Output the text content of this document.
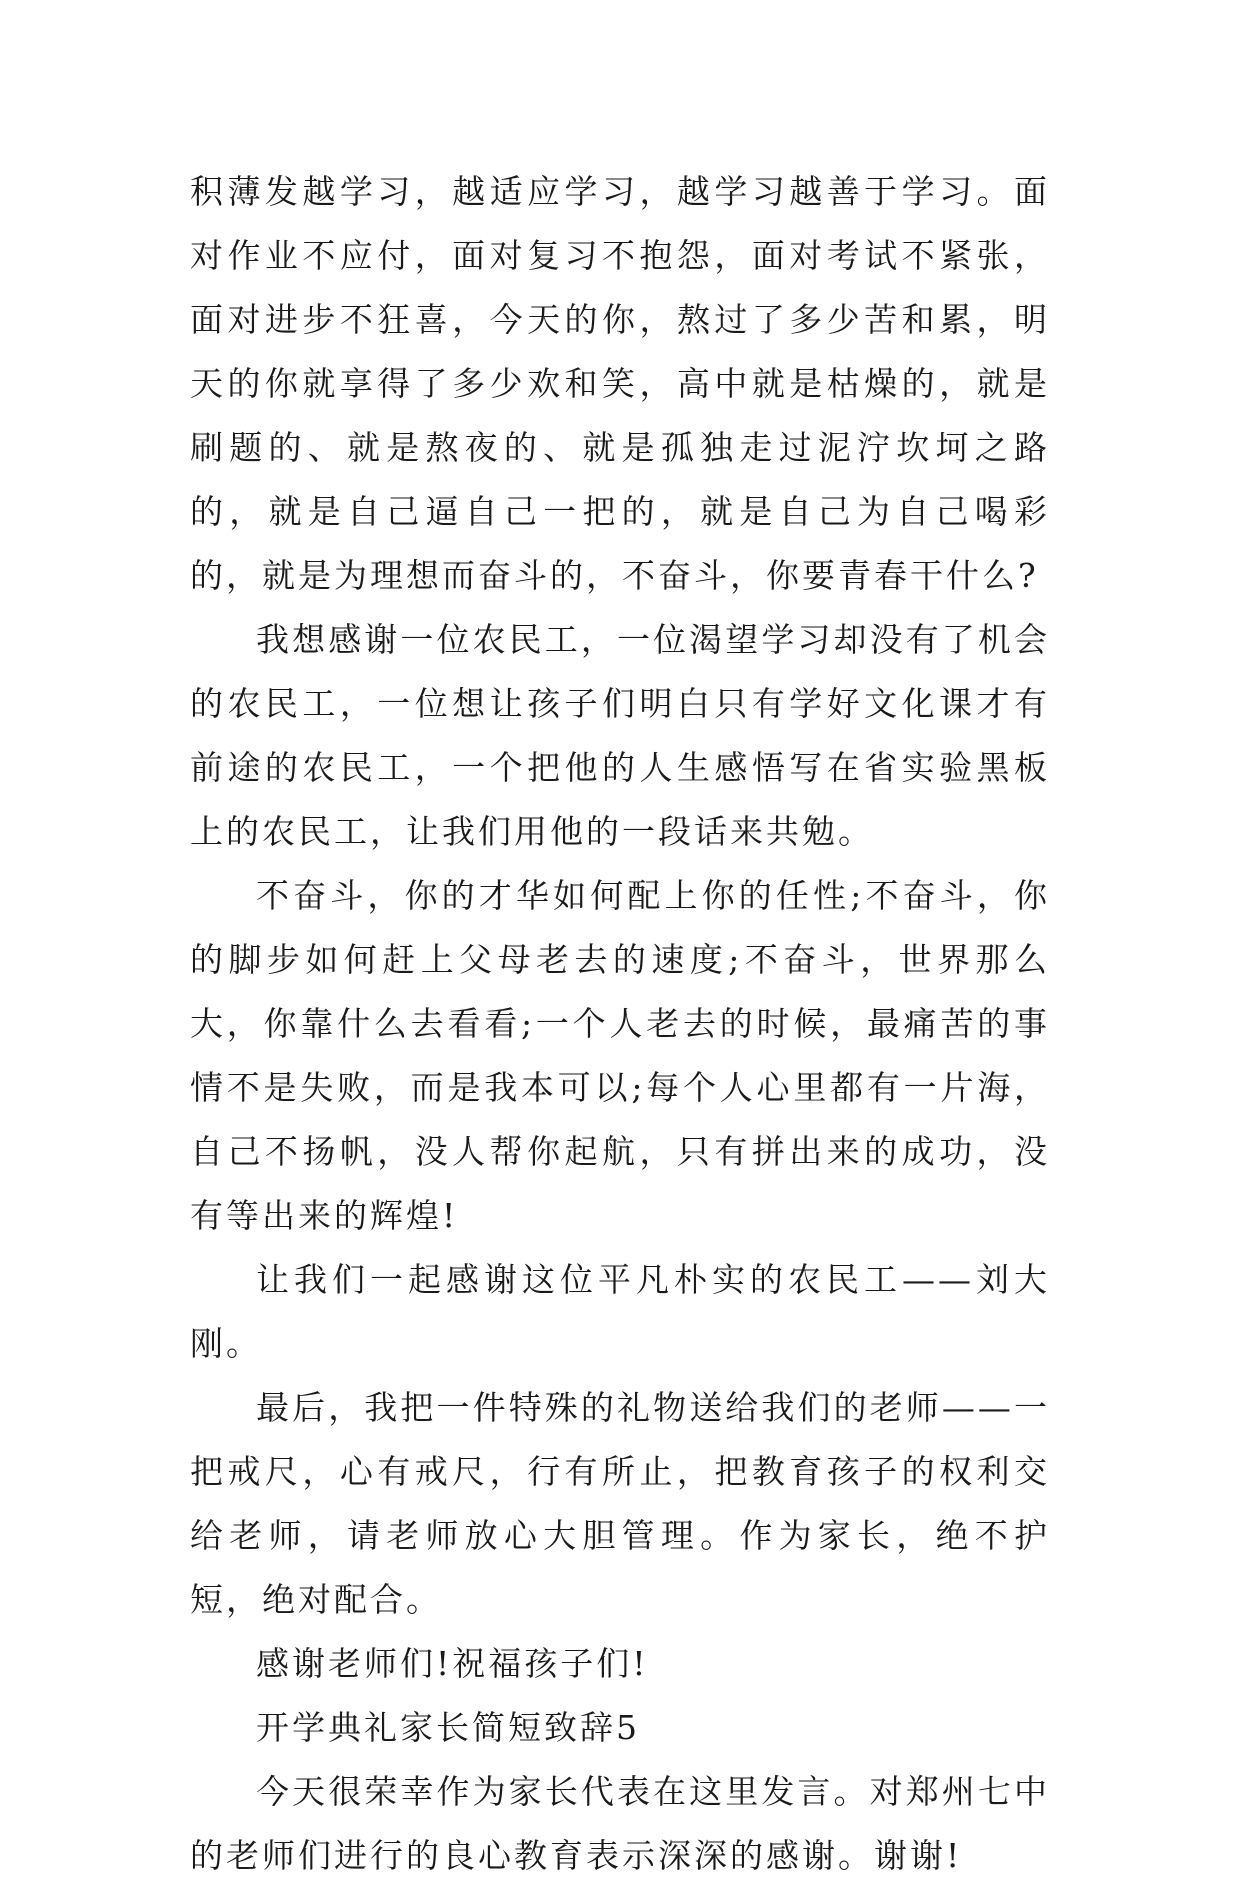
积薄发越学习，越适应学习，越学习越善于学习。面对作业不应付，面对复习不抱怨，面对考试不紧张，面对进步不狂喜，今天的你，熬过了多少苦和累，明天的你就享得了多少欢和笑，高中就是枯燥的，就是刷题的、就是熬夜的、就是孤独走过泥泞坎坷之路的，就是自己逼自己一把的，就是自己为自己喝彩的，就是为理想而奋斗的，不奋斗，你要青春干什么?

我想感谢一位农民工，一位渴望学习却没有了机会的农民工，一位想让孩子们明白只有学好文化课才有前途的农民工，一个把他的人生感悟写在省实验黑板上的农民工，让我们用他的一段话来共勉。

不奋斗，你的才华如何配上你的任性;不奋斗，你的脚步如何赶上父母老去的速度;不奋斗，世界那么大，你靠什么去看看;一个人老去的时候，最痛苦的事情不是失败，而是我本可以;每个人心里都有一片海，自己不扬帆，没人帮你起航，只有拼出来的成功，没有等出来的辉煌!

让我们一起感谢这位平凡朴实的农民工——刘大刚。

最后，我把一件特殊的礼物送给我们的老师——一把戒尺，心有戒尺，行有所止，把教育孩子的权利交给老师，请老师放心大胆管理。作为家长，绝不护短，绝对配合。

感谢老师们!祝福孩子们!

开学典礼家长简短致辞5

今天很荣幸作为家长代表在这里发言。对郑州七中的老师们进行的良心教育表示深深的感谢。谢谢!
